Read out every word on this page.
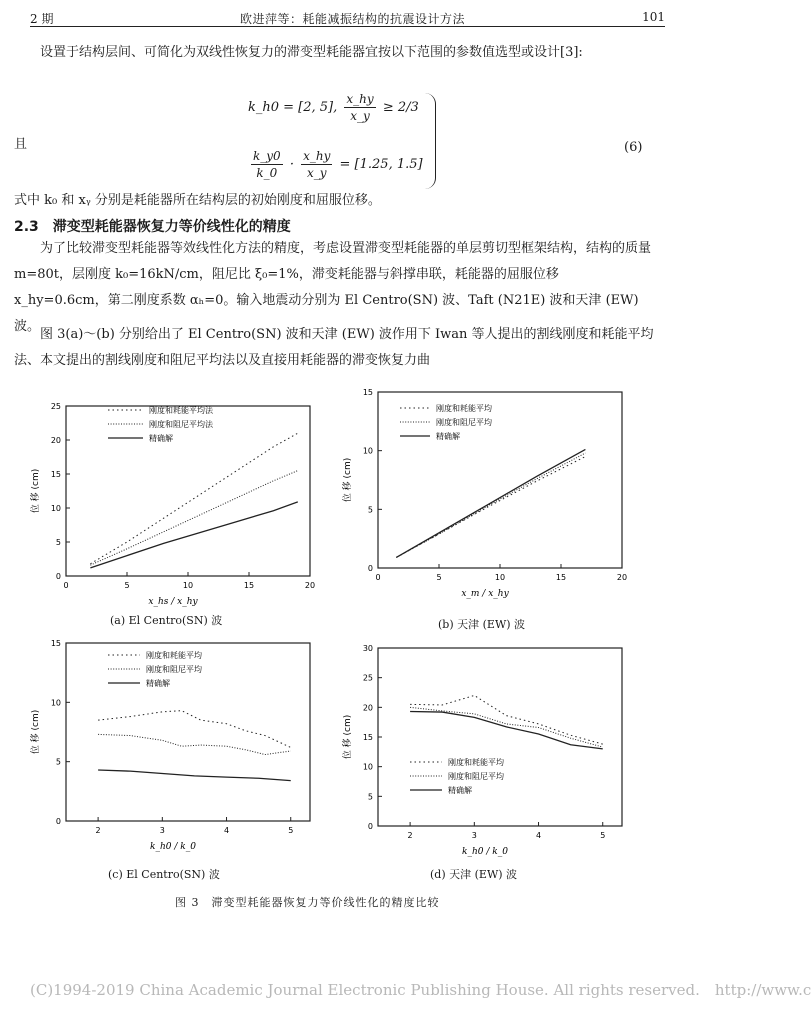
2 期	欧进萍等：耗能减振结构的抗震设计方法	101
设置于结构层间、可简化为双线性恢复力的滞变型耗能器宜按以下范围的参数值选型或设计[3]:
k_h0 = [2, 5], $\frac{x\_hy}{x\_y} \ge 2/3$
且
$\frac{k\_y0}{k\_0} \cdot \frac{x\_hy}{x\_y} = [1.25$, 1.5]
(6)
式中 k₀ 和 xᵧ 分别是耗能器所在结构层的初始刚度和屈服位移。
2.3　滞变型耗能器恢复力等价线性化的精度
为了比较滞变型耗能器等效线性化方法的精度，考虑设置滞变型耗能器的单层剪切型框架结构，结构的质量 m=80t，层刚度 k₀=16kN/cm，阻尼比 ξ₀=1%，滞变耗能器与斜撑串联，耗能器的屈服位移 x_hy=0.6cm，第二刚度系数 αₕ=0。输入地震动分别为 El Centro(SN) 波、Taft (N21E) 波和天津 (EW) 波。
图 3(a)～(b) 分别给出了 El Centro(SN) 波和天津 (EW) 波作用下 Iwan 等人提出的割线刚度和耗能平均法、本文提出的割线刚度和阻尼平均法以及直接用耗能器的滞变恢复力曲
0	5	10	15	20
0
5
10
15
20
25
x_hs / x_hy
位 移 (cm)
刚度和耗能平均法
刚度和阻尼平均法
精确解
0	5	10	15	20
0
5
10
15
x_m / x_hy
位 移 (cm)
刚度和耗能平均
刚度和阻尼平均
精确解
2	3	4	5
0
5
10
15
k_h0 / k_0
位 移 (cm)
刚度和耗能平均
刚度和阻尼平均
精确解
2	3	4	5
0
5
10
15
20
25
30
k_h0 / k_0
位 移 (cm)
刚度和耗能平均
刚度和阻尼平均
精确解
(a) El Centro(SN) 波	(b) 天津 (EW) 波
(c) El Centro(SN) 波	(d) 天津 (EW) 波
图 3　滞变型耗能器恢复力等价线性化的精度比较
(C)1994-2019 China Academic Journal Electronic Publishing House. All rights reserved.　http://www.c
